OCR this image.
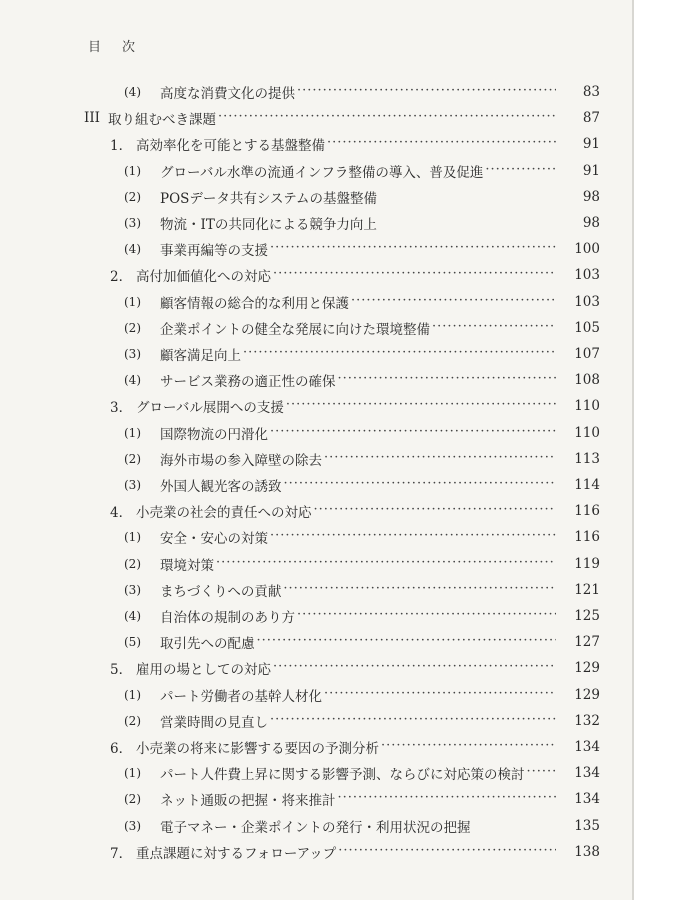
目　次
(4)	高度な消費文化の提供 ·····	83
III 取り組むべき課題 ·····	87
1． 高効率化を可能とする基盤整備 ·····	91
(1)	グローバル水準の流通インフラ整備の導入、普及促進 ·····	91
(2)	POSデータ共有システムの基盤整備	98
(3)	物流・ITの共同化による競争力向上	98
(4)	事業再編等の支援 ·····	100
2． 高付加価値化への対応 ·····	103
(1)	顧客情報の総合的な利用と保護 ·····	103
(2)	企業ポイントの健全な発展に向けた環境整備 ·····	105
(3)	顧客満足向上 ·····	107
(4)	サービス業務の適正性の確保 ·····	108
3． グローバル展開への支援 ·····	110
(1)	国際物流の円滑化 ·····	110
(2)	海外市場の参入障壁の除去 ·····	113
(3)	外国人観光客の誘致 ·····	114
4． 小売業の社会的責任への対応 ·····	116
(1)	安全・安心の対策 ·····	116
(2)	環境対策 ·····	119
(3)	まちづくりへの貢献 ·····	121
(4)	自治体の規制のあり方 ·····	125
(5)	取引先への配慮 ·····	127
5． 雇用の場としての対応 ·····	129
(1)	パート労働者の基幹人材化 ·····	129
(2)	営業時間の見直し ·····	132
6． 小売業の将来に影響する要因の予測分析 ·····	134
(1)	パート人件費上昇に関する影響予測、ならびに対応策の検討 ·····	134
(2)	ネット通販の把握・将来推計 ·····	134
(3)	電子マネー・企業ポイントの発行・利用状況の把握	135
7． 重点課題に対するフォローアップ ·····	138
